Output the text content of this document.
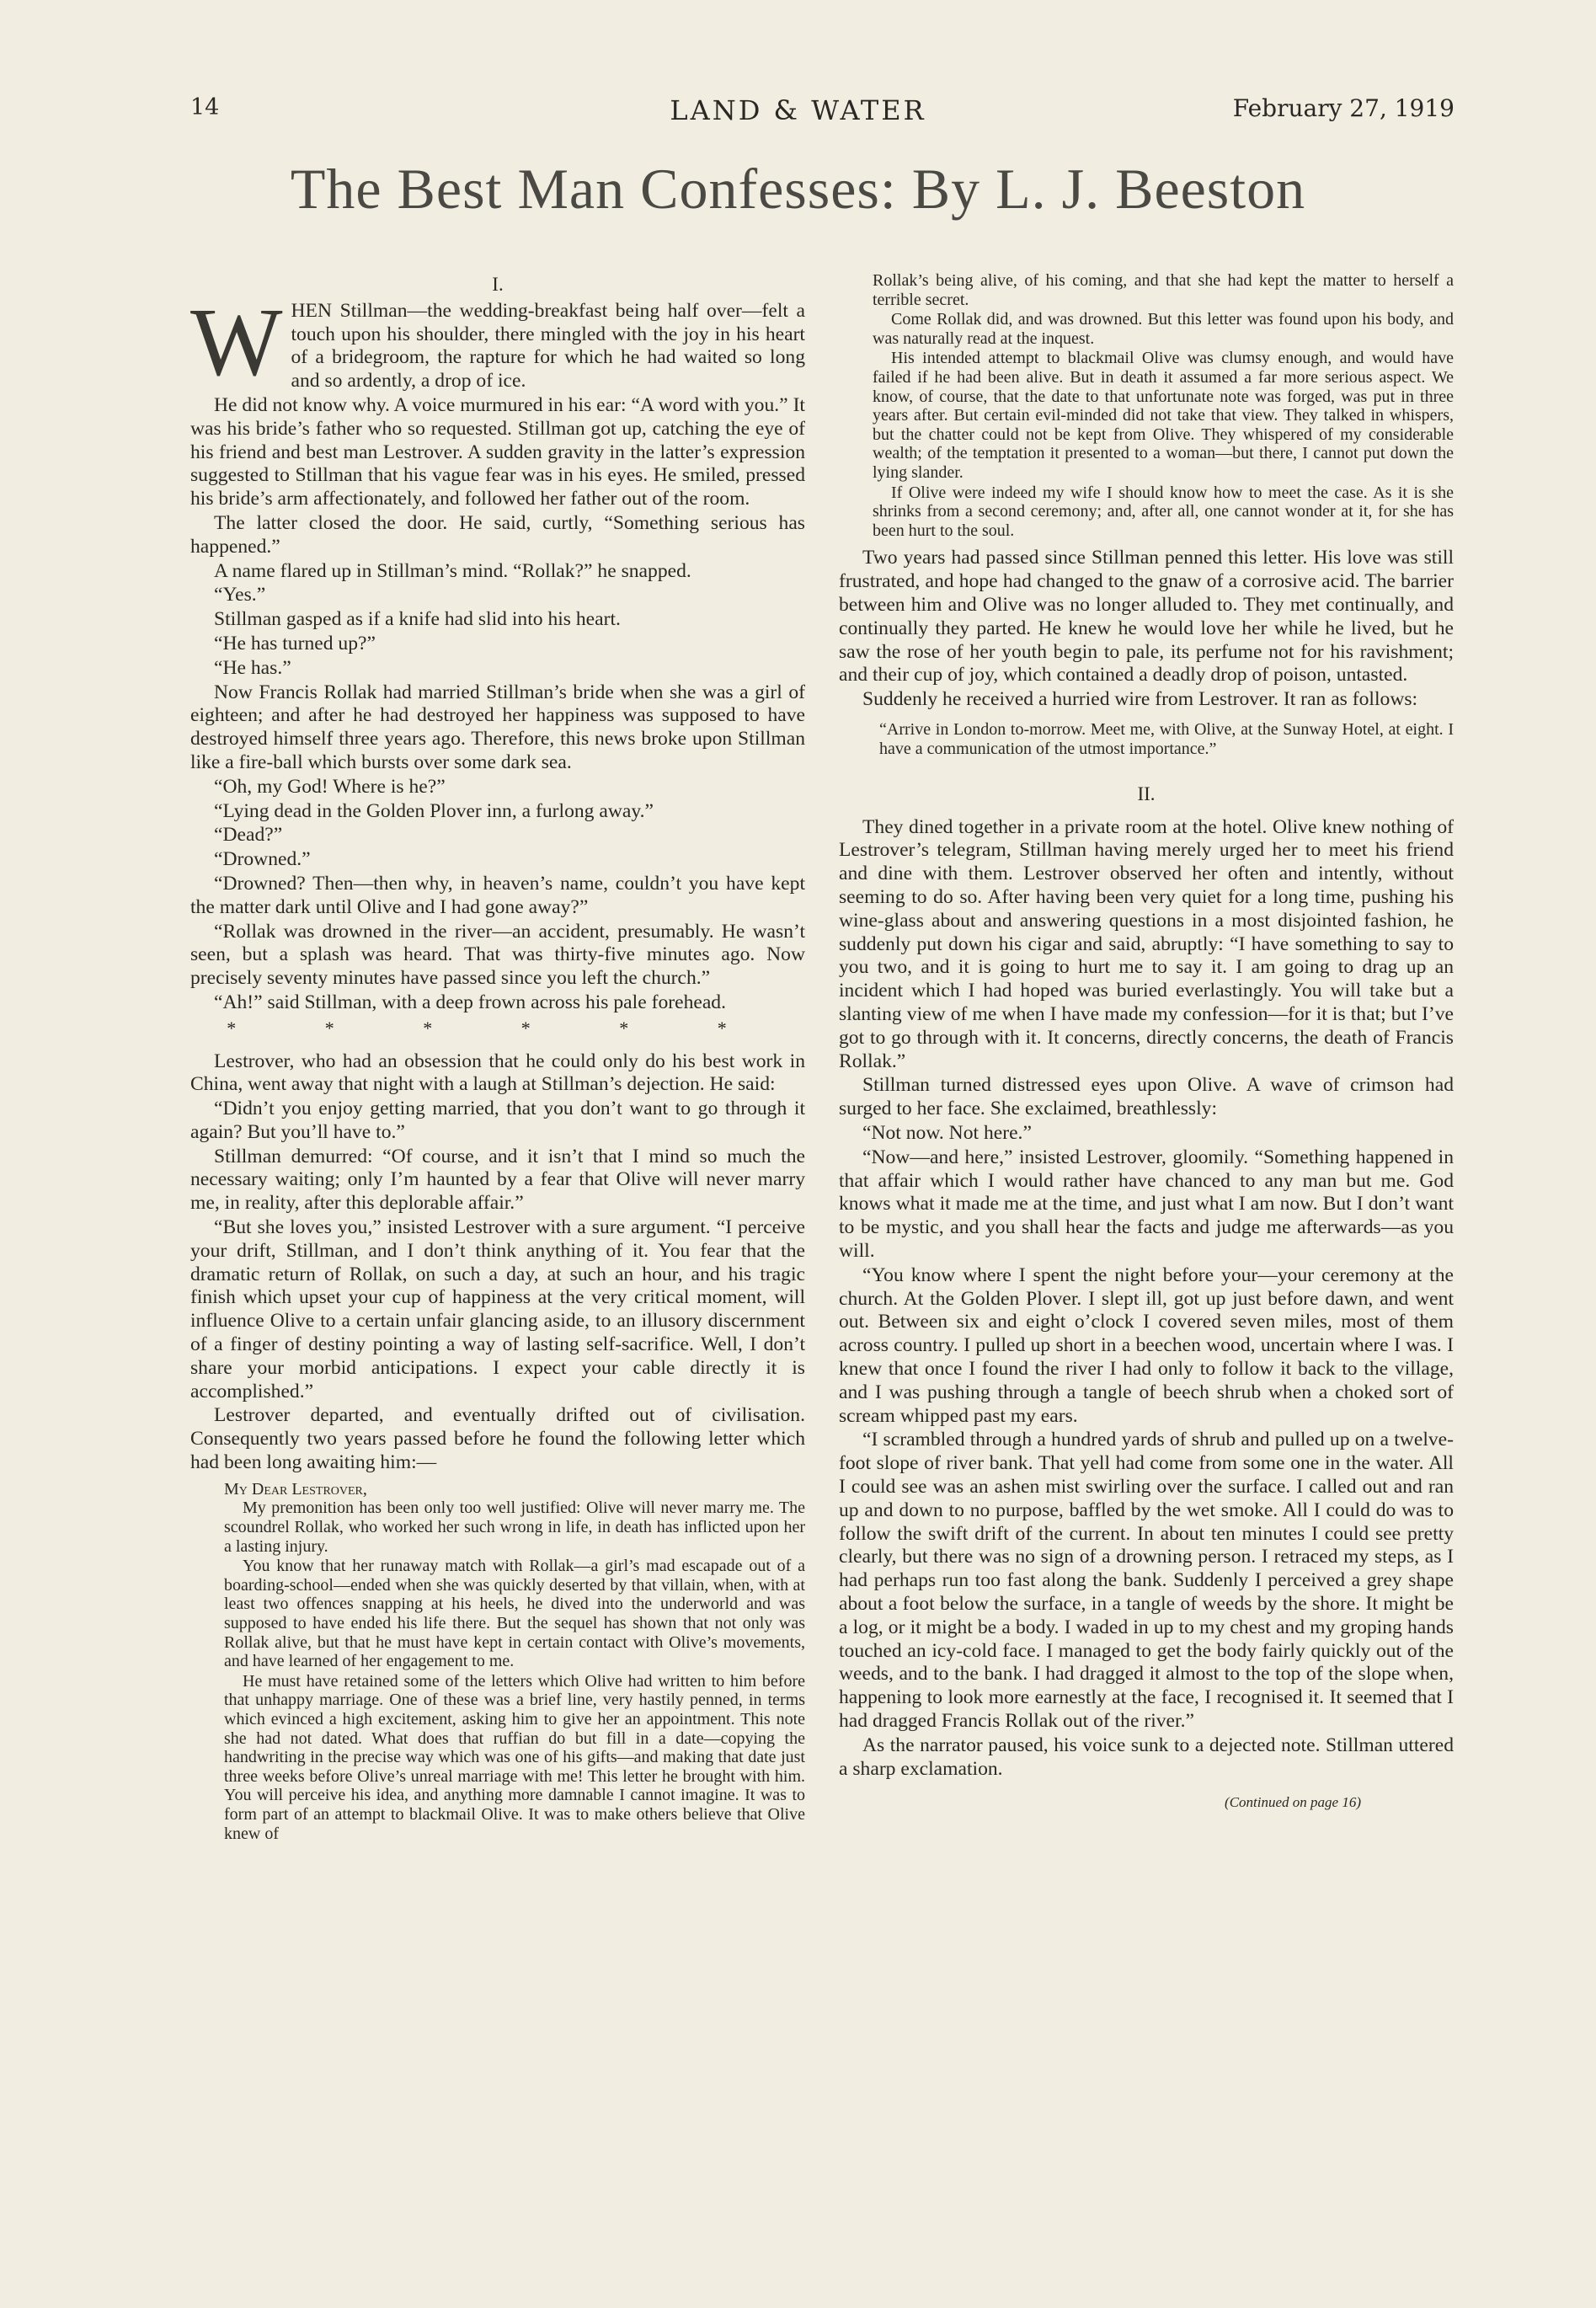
14	LAND & WATER	February 27, 1919
The Best Man Confesses: By L. J. Beeston
I.

WHEN Stillman—the wedding-breakfast being half over—felt a touch upon his shoulder, there mingled with the joy in his heart of a bridegroom, the rapture for which he had waited so long and so ardently, a drop of ice.

He did not know why. A voice murmured in his ear: “A word with you.” It was his bride’s father who so requested. Stillman got up, catching the eye of his friend and best man Lestrover. A sudden gravity in the latter’s expression suggested to Stillman that his vague fear was in his eyes. He smiled, pressed his bride’s arm affectionately, and followed her father out of the room.

The latter closed the door. He said, curtly, “Something serious has happened.”

A name flared up in Stillman’s mind. “Rollak?” he snapped.

“Yes.”

Stillman gasped as if a knife had slid into his heart.

“He has turned up?”

“He has.”

Now Francis Rollak had married Stillman’s bride when she was a girl of eighteen; and after he had destroyed her happiness was supposed to have destroyed himself three years ago. Therefore, this news broke upon Stillman like a fire-ball which bursts over some dark sea.

“Oh, my God! Where is he?”

“Lying dead in the Golden Plover inn, a furlong away.”

“Dead?”

“Drowned.”

“Drowned? Then—then why, in heaven’s name, couldn’t you have kept the matter dark until Olive and I had gone away?”

“Rollak was drowned in the river—an accident, presumably. He wasn’t seen, but a splash was heard. That was thirty-five minutes ago. Now precisely seventy minutes have passed since you left the church.”

“Ah!” said Stillman, with a deep frown across his pale forehead.

* * * * * *

Lestrover, who had an obsession that he could only do his best work in China, went away that night with a laugh at Stillman’s dejection. He said:

“Didn’t you enjoy getting married, that you don’t want to go through it again? But you’ll have to.”

Stillman demurred: “Of course, and it isn’t that I mind so much the necessary waiting; only I’m haunted by a fear that Olive will never marry me, in reality, after this deplorable affair.”

“But she loves you,” insisted Lestrover with a sure argument. “I perceive your drift, Stillman, and I don’t think anything of it. You fear that the dramatic return of Rollak, on such a day, at such an hour, and his tragic finish which upset your cup of happiness at the very critical moment, will influence Olive to a certain unfair glancing aside, to an illusory discernment of a finger of destiny pointing a way of lasting self-sacrifice. Well, I don’t share your morbid anticipations. I expect your cable directly it is accomplished.”

Lestrover departed, and eventually drifted out of civilisation. Consequently two years passed before he found the following letter which had been long awaiting him:—

My Dear Lestrover,

My premonition has been only too well justified: Olive will never marry me. The scoundrel Rollak, who worked her such wrong in life, in death has inflicted upon her a lasting injury.

You know that her runaway match with Rollak—a girl’s mad escapade out of a boarding-school—ended when she was quickly deserted by that villain, when, with at least two offences snapping at his heels, he dived into the underworld and was supposed to have ended his life there. But the sequel has shown that not only was Rollak alive, but that he must have kept in certain contact with Olive’s movements, and have learned of her engagement to me.

He must have retained some of the letters which Olive had written to him before that unhappy marriage. One of these was a brief line, very hastily penned, in terms which evinced a high excitement, asking him to give her an appointment. This note she had not dated. What does that ruffian do but fill in a date—copying the handwriting in the precise way which was one of his gifts—and making that date just three weeks before Olive’s unreal marriage with me! This letter he brought with him. You will perceive his idea, and anything more damnable I cannot imagine. It was to form part of an attempt to blackmail Olive. It was to make others believe that Olive knew of

Rollak’s being alive, of his coming, and that she had kept the matter to herself a terrible secret.

Come Rollak did, and was drowned. But this letter was found upon his body, and was naturally read at the inquest.

His intended attempt to blackmail Olive was clumsy enough, and would have failed if he had been alive. But in death it assumed a far more serious aspect. We know, of course, that the date to that unfortunate note was forged, was put in three years after. But certain evil-minded did not take that view. They talked in whispers, but the chatter could not be kept from Olive. They whispered of my considerable wealth; of the temptation it presented to a woman—but there, I cannot put down the lying slander.

If Olive were indeed my wife I should know how to meet the case. As it is she shrinks from a second ceremony; and, after all, one cannot wonder at it, for she has been hurt to the soul.

Two years had passed since Stillman penned this letter. His love was still frustrated, and hope had changed to the gnaw of a corrosive acid. The barrier between him and Olive was no longer alluded to. They met continually, and continually they parted. He knew he would love her while he lived, but he saw the rose of her youth begin to pale, its perfume not for his ravishment; and their cup of joy, which contained a deadly drop of poison, untasted.

Suddenly he received a hurried wire from Lestrover. It ran as follows:

“Arrive in London to-morrow. Meet me, with Olive, at the Sunway Hotel, at eight. I have a communication of the utmost importance.”

II.

They dined together in a private room at the hotel. Olive knew nothing of Lestrover’s telegram, Stillman having merely urged her to meet his friend and dine with them. Lestrover observed her often and intently, without seeming to do so. After having been very quiet for a long time, pushing his wine-glass about and answering questions in a most disjointed fashion, he suddenly put down his cigar and said, abruptly: “I have something to say to you two, and it is going to hurt me to say it. I am going to drag up an incident which I had hoped was buried everlastingly. You will take but a slanting view of me when I have made my confession—for it is that; but I’ve got to go through with it. It concerns, directly concerns, the death of Francis Rollak.”

Stillman turned distressed eyes upon Olive. A wave of crimson had surged to her face. She exclaimed, breathlessly:

“Not now. Not here.”

“Now—and here,” insisted Lestrover, gloomily. “Something happened in that affair which I would rather have chanced to any man but me. God knows what it made me at the time, and just what I am now. But I don’t want to be mystic, and you shall hear the facts and judge me afterwards—as you will.

“You know where I spent the night before your—your ceremony at the church. At the Golden Plover. I slept ill, got up just before dawn, and went out. Between six and eight o’clock I covered seven miles, most of them across country. I pulled up short in a beechen wood, uncertain where I was. I knew that once I found the river I had only to follow it back to the village, and I was pushing through a tangle of beech shrub when a choked sort of scream whipped past my ears.

“I scrambled through a hundred yards of shrub and pulled up on a twelve-foot slope of river bank. That yell had come from some one in the water. All I could see was an ashen mist swirling over the surface. I called out and ran up and down to no purpose, baffled by the wet smoke. All I could do was to follow the swift drift of the current. In about ten minutes I could see pretty clearly, but there was no sign of a drowning person. I retraced my steps, as I had perhaps run too fast along the bank. Suddenly I perceived a grey shape about a foot below the surface, in a tangle of weeds by the shore. It might be a log, or it might be a body. I waded in up to my chest and my groping hands touched an icy-cold face. I managed to get the body fairly quickly out of the weeds, and to the bank. I had dragged it almost to the top of the slope when, happening to look more earnestly at the face, I recognised it. It seemed that I had dragged Francis Rollak out of the river.”

As the narrator paused, his voice sunk to a dejected note. Stillman uttered a sharp exclamation.

(Continued on page 16)
